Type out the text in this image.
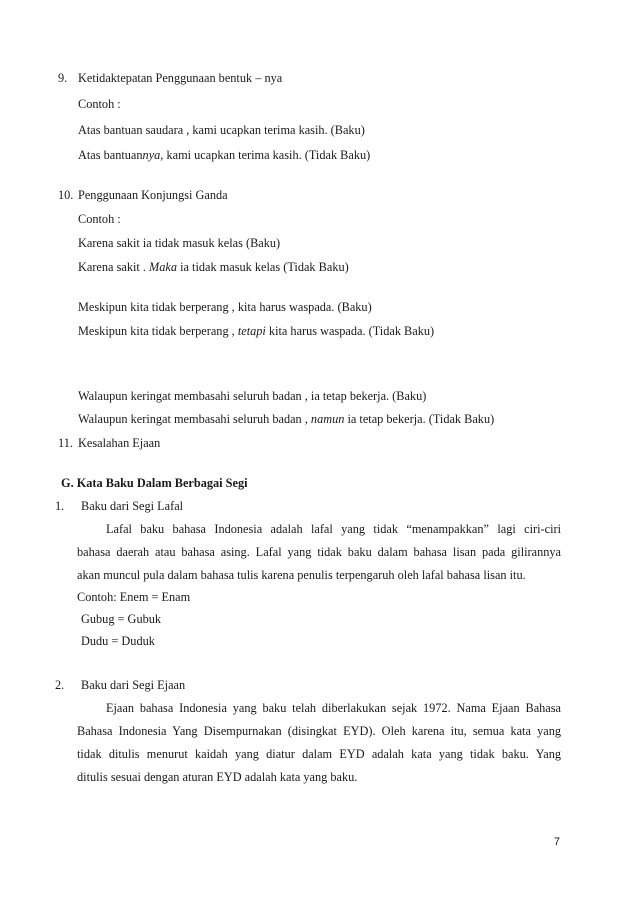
9. Ketidaktepatan Penggunaan bentuk – nya
Contoh :
Atas bantuan saudara , kami ucapkan terima kasih. (Baku)
Atas bantuannya, kami ucapkan terima kasih. (Tidak Baku)
10. Penggunaan Konjungsi Ganda
Contoh :
Karena sakit ia tidak masuk kelas (Baku)
Karena sakit . Maka ia tidak masuk kelas (Tidak Baku)
Meskipun kita tidak berperang , kita harus waspada. (Baku)
Meskipun kita tidak berperang , tetapi kita harus waspada. (Tidak Baku)
Walaupun keringat membasahi seluruh badan , ia tetap bekerja. (Baku)
Walaupun keringat membasahi seluruh badan , namun ia tetap bekerja. (Tidak Baku)
11. Kesalahan Ejaan
G. Kata Baku Dalam Berbagai Segi
1. Baku dari Segi Lafal
Lafal baku bahasa Indonesia adalah lafal yang tidak “menampakkan” lagi ciri-ciri
bahasa daerah atau bahasa asing. Lafal yang tidak baku dalam bahasa lisan pada gilirannya
akan muncul pula dalam bahasa tulis karena penulis terpengaruh oleh lafal bahasa lisan itu.
Contoh: Enem = Enam
Gubug = Gubuk
Dudu = Duduk
2. Baku dari Segi Ejaan
Ejaan bahasa Indonesia yang baku telah diberlakukan sejak 1972. Nama Ejaan Bahasa
Bahasa Indonesia Yang Disempurnakan (disingkat EYD). Oleh karena itu, semua kata yang
tidak ditulis menurut kaidah yang diatur dalam EYD adalah kata yang tidak baku. Yang
ditulis sesuai dengan aturan EYD adalah kata yang baku.
7
